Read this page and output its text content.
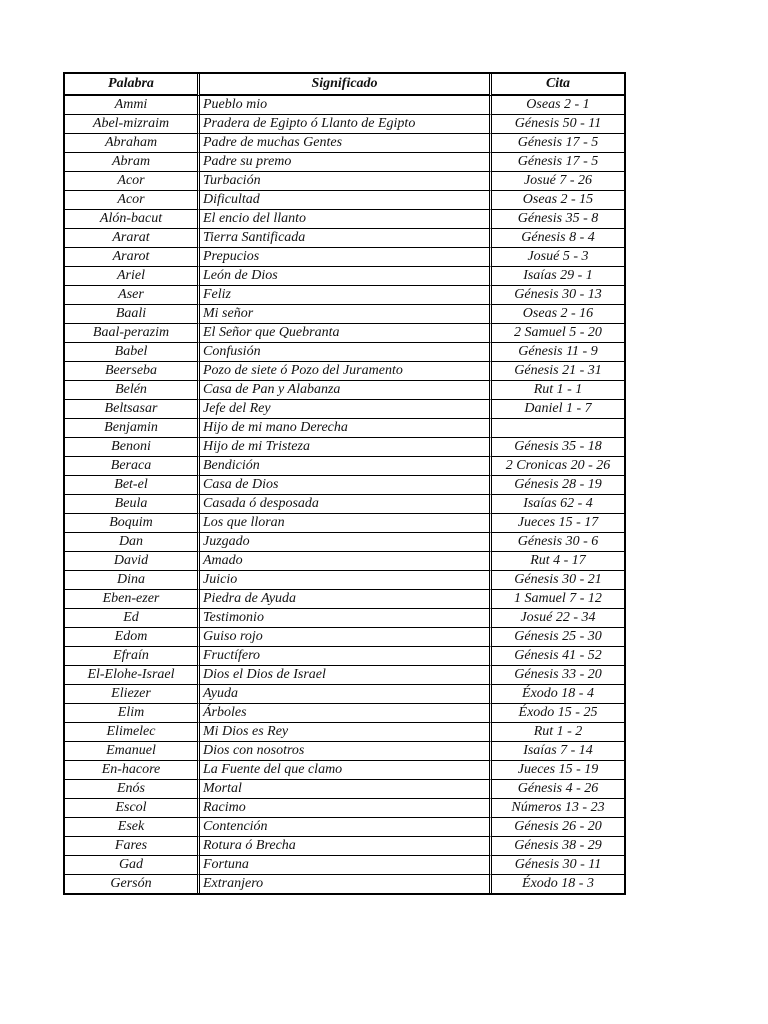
Palabra	Significado	Cita
Ammi	Pueblo mio	Oseas 2 - 1
Abel-mizraim	Pradera de Egipto ó Llanto de Egipto	Génesis 50 - 11
Abraham	Padre de muchas Gentes	Génesis 17 - 5
Abram	Padre su premo	Génesis 17 - 5
Acor	Turbación	Josué 7 - 26
Acor	Dificultad	Oseas 2 - 15
Alón-bacut	El encio del llanto	Génesis 35 - 8
Ararat	Tierra Santificada	Génesis 8 - 4
Ararot	Prepucios	Josué 5 - 3
Ariel	León de Dios	Isaías 29 - 1
Aser	Feliz	Génesis 30 - 13
Baali	Mi señor	Oseas 2 - 16
Baal-perazim	El Señor que Quebranta	2 Samuel 5 - 20
Babel	Confusión	Génesis 11 - 9
Beerseba	Pozo de siete ó Pozo del Juramento	Génesis 21 - 31
Belén	Casa de Pan y Alabanza	Rut 1 - 1
Beltsasar	Jefe del Rey	Daniel 1 - 7
Benjamin	Hijo de mi mano Derecha	
Benoni	Hijo de mi Tristeza	Génesis 35 - 18
Beraca	Bendición	2 Cronicas 20 - 26
Bet-el	Casa de Dios	Génesis 28 - 19
Beula	Casada ó desposada	Isaías 62 - 4
Boquim	Los que lloran	Jueces 15 - 17
Dan	Juzgado	Génesis 30 - 6
David	Amado	Rut 4 - 17
Dina	Juicio	Génesis 30 - 21
Eben-ezer	Piedra de Ayuda	1 Samuel 7 - 12
Ed	Testimonio	Josué 22 - 34
Edom	Guiso rojo	Génesis 25 - 30
Efraín	Fructífero	Génesis 41 - 52
El-Elohe-Israel	Dios el Dios de Israel	Génesis 33 - 20
Eliezer	Ayuda	Éxodo 18 - 4
Elim	Árboles	Éxodo 15 - 25
Elimelec	Mi Dios es Rey	Rut 1 - 2
Emanuel	Dios con nosotros	Isaías 7 - 14
En-hacore	La Fuente del que clamo	Jueces 15 - 19
Enós	Mortal	Génesis 4 - 26
Escol	Racimo	Números 13 - 23
Esek	Contención	Génesis 26 - 20
Fares	Rotura ó Brecha	Génesis 38 - 29
Gad	Fortuna	Génesis 30 - 11
Gersón	Extranjero	Éxodo 18 - 3
